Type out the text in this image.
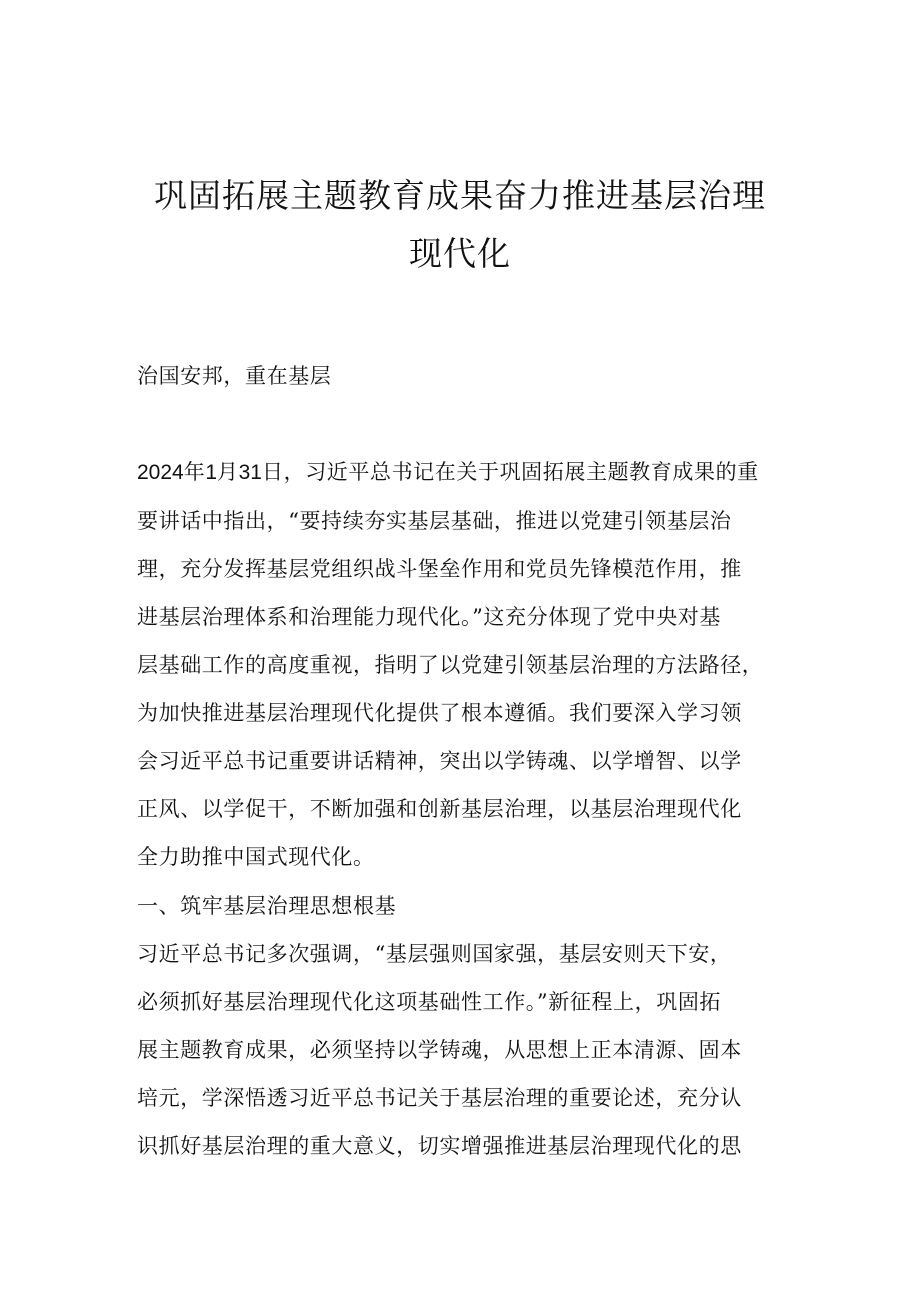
巩固拓展主题教育成果奋力推进基层治理
现代化
治国安邦，重在基层
2024年1月31日，习近平总书记在关于巩固拓展主题教育成果的重
要讲话中指出，“要持续夯实基层基础，推进以党建引领基层治
理，充分发挥基层党组织战斗堡垒作用和党员先锋模范作用，推
进基层治理体系和治理能力现代化。”这充分体现了党中央对基
层基础工作的高度重视，指明了以党建引领基层治理的方法路径，
为加快推进基层治理现代化提供了根本遵循。我们要深入学习领
会习近平总书记重要讲话精神，突出以学铸魂、以学增智、以学
正风、以学促干，不断加强和创新基层治理，以基层治理现代化
全力助推中国式现代化。
一、筑牢基层治理思想根基
习近平总书记多次强调，“基层强则国家强，基层安则天下安，
必须抓好基层治理现代化这项基础性工作。”新征程上，巩固拓
展主题教育成果，必须坚持以学铸魂，从思想上正本清源、固本
培元，学深悟透习近平总书记关于基层治理的重要论述，充分认
识抓好基层治理的重大意义，切实增强推进基层治理现代化的思
